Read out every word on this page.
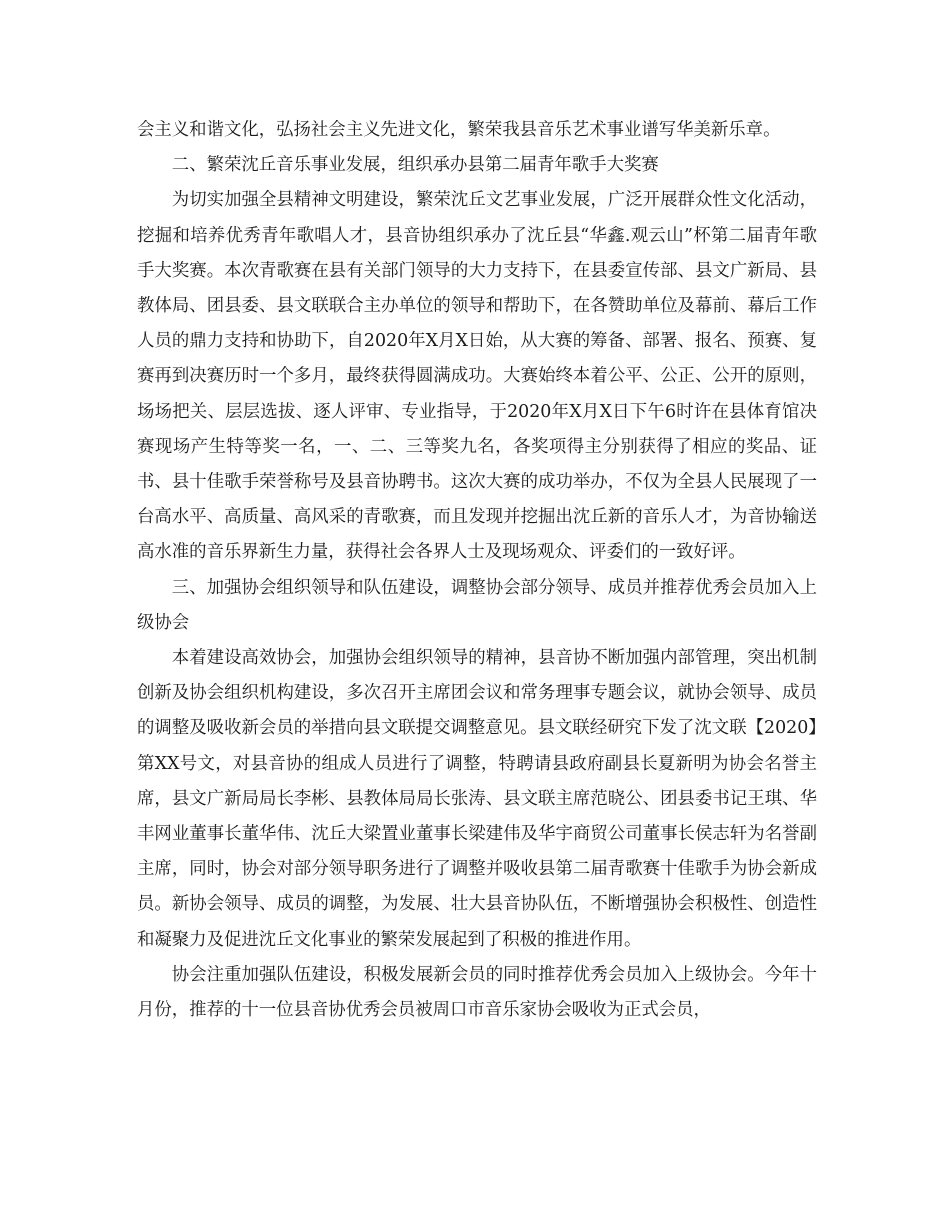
会主义和谐文化，弘扬社会主义先进文化，繁荣我县音乐艺术事业谱写华美新乐章。

二、繁荣沈丘音乐事业发展，组织承办县第二届青年歌手大奖赛

为切实加强全县精神文明建设，繁荣沈丘文艺事业发展，广泛开展群众性文化活动，挖掘和培养优秀青年歌唱人才，县音协组织承办了沈丘县“华鑫.观云山”杯第二届青年歌手大奖赛。本次青歌赛在县有关部门领导的大力支持下，在县委宣传部、县文广新局、县教体局、团县委、县文联联合主办单位的领导和帮助下，在各赞助单位及幕前、幕后工作人员的鼎力支持和协助下，自2020年X月X日始，从大赛的筹备、部署、报名、预赛、复赛再到决赛历时一个多月，最终获得圆满成功。大赛始终本着公平、公正、公开的原则，场场把关、层层选拔、逐人评审、专业指导，于2020年X月X日下午6时许在县体育馆决赛现场产生特等奖一名，一、二、三等奖九名，各奖项得主分别获得了相应的奖品、证书、县十佳歌手荣誉称号及县音协聘书。这次大赛的成功举办，不仅为全县人民展现了一台高水平、高质量、高风采的青歌赛，而且发现并挖掘出沈丘新的音乐人才，为音协输送高水准的音乐界新生力量，获得社会各界人士及现场观众、评委们的一致好评。

三、加强协会组织领导和队伍建设，调整协会部分领导、成员并推荐优秀会员加入上级协会

本着建设高效协会，加强协会组织领导的精神，县音协不断加强内部管理，突出机制创新及协会组织机构建设，多次召开主席团会议和常务理事专题会议，就协会领导、成员的调整及吸收新会员的举措向县文联提交调整意见。县文联经研究下发了沈文联【2020】第XX号文，对县音协的组成人员进行了调整，特聘请县政府副县长夏新明为协会名誉主席，县文广新局局长李彬、县教体局局长张涛、县文联主席范晓公、团县委书记王琪、华丰网业董事长董华伟、沈丘大梁置业董事长梁建伟及华宇商贸公司董事长侯志轩为名誉副主席，同时，协会对部分领导职务进行了调整并吸收县第二届青歌赛十佳歌手为协会新成员。新协会领导、成员的调整，为发展、壮大县音协队伍，不断增强协会积极性、创造性和凝聚力及促进沈丘文化事业的繁荣发展起到了积极的推进作用。

协会注重加强队伍建设，积极发展新会员的同时推荐优秀会员加入上级协会。今年十月份，推荐的十一位县音协优秀会员被周口市音乐家协会吸收为正式会员，
